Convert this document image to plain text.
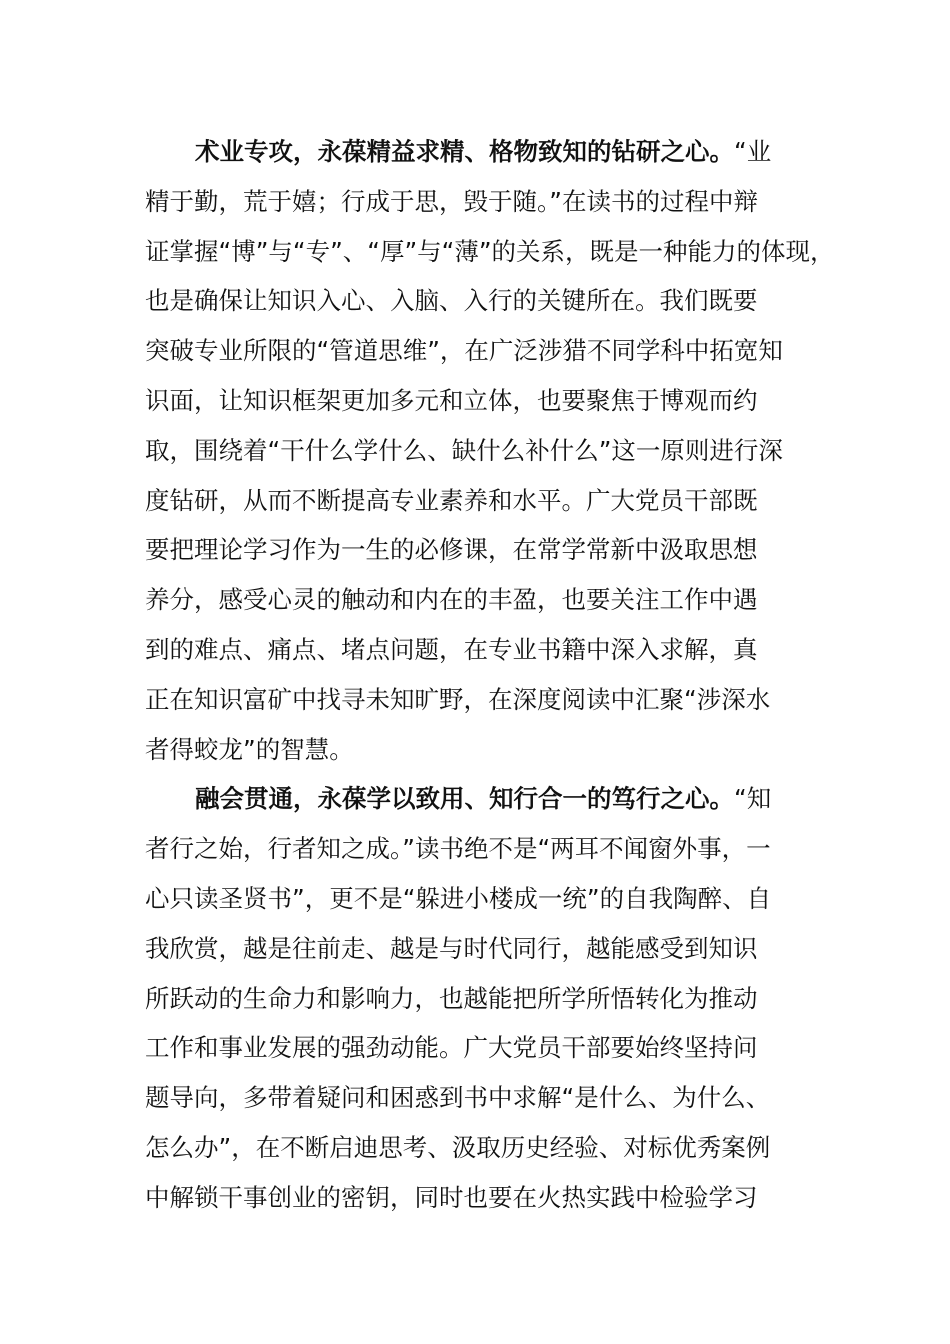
术业专攻，永葆精益求精、格物致知的钻研之心。“业
精于勤，荒于嬉；行成于思，毁于随。”在读书的过程中辩
证掌握“博”与“专”、“厚”与“薄”的关系，既是一种能力的体现，
也是确保让知识入心、入脑、入行的关键所在。我们既要
突破专业所限的“管道思维”，在广泛涉猎不同学科中拓宽知
识面，让知识框架更加多元和立体，也要聚焦于博观而约
取，围绕着“干什么学什么、缺什么补什么”这一原则进行深
度钻研，从而不断提高专业素养和水平。广大党员干部既
要把理论学习作为一生的必修课，在常学常新中汲取思想
养分，感受心灵的触动和内在的丰盈，也要关注工作中遇
到的难点、痛点、堵点问题，在专业书籍中深入求解，真
正在知识富矿中找寻未知旷野，在深度阅读中汇聚“涉深水
者得蛟龙”的智慧。

融会贯通，永葆学以致用、知行合一的笃行之心。“知
者行之始，行者知之成。”读书绝不是“两耳不闻窗外事，一
心只读圣贤书”，更不是“躲进小楼成一统”的自我陶醉、自
我欣赏，越是往前走、越是与时代同行，越能感受到知识
所跃动的生命力和影响力，也越能把所学所悟转化为推动
工作和事业发展的强劲动能。广大党员干部要始终坚持问
题导向，多带着疑问和困惑到书中求解“是什么、为什么、
怎么办”，在不断启迪思考、汲取历史经验、对标优秀案例
中解锁干事创业的密钥，同时也要在火热实践中检验学习
